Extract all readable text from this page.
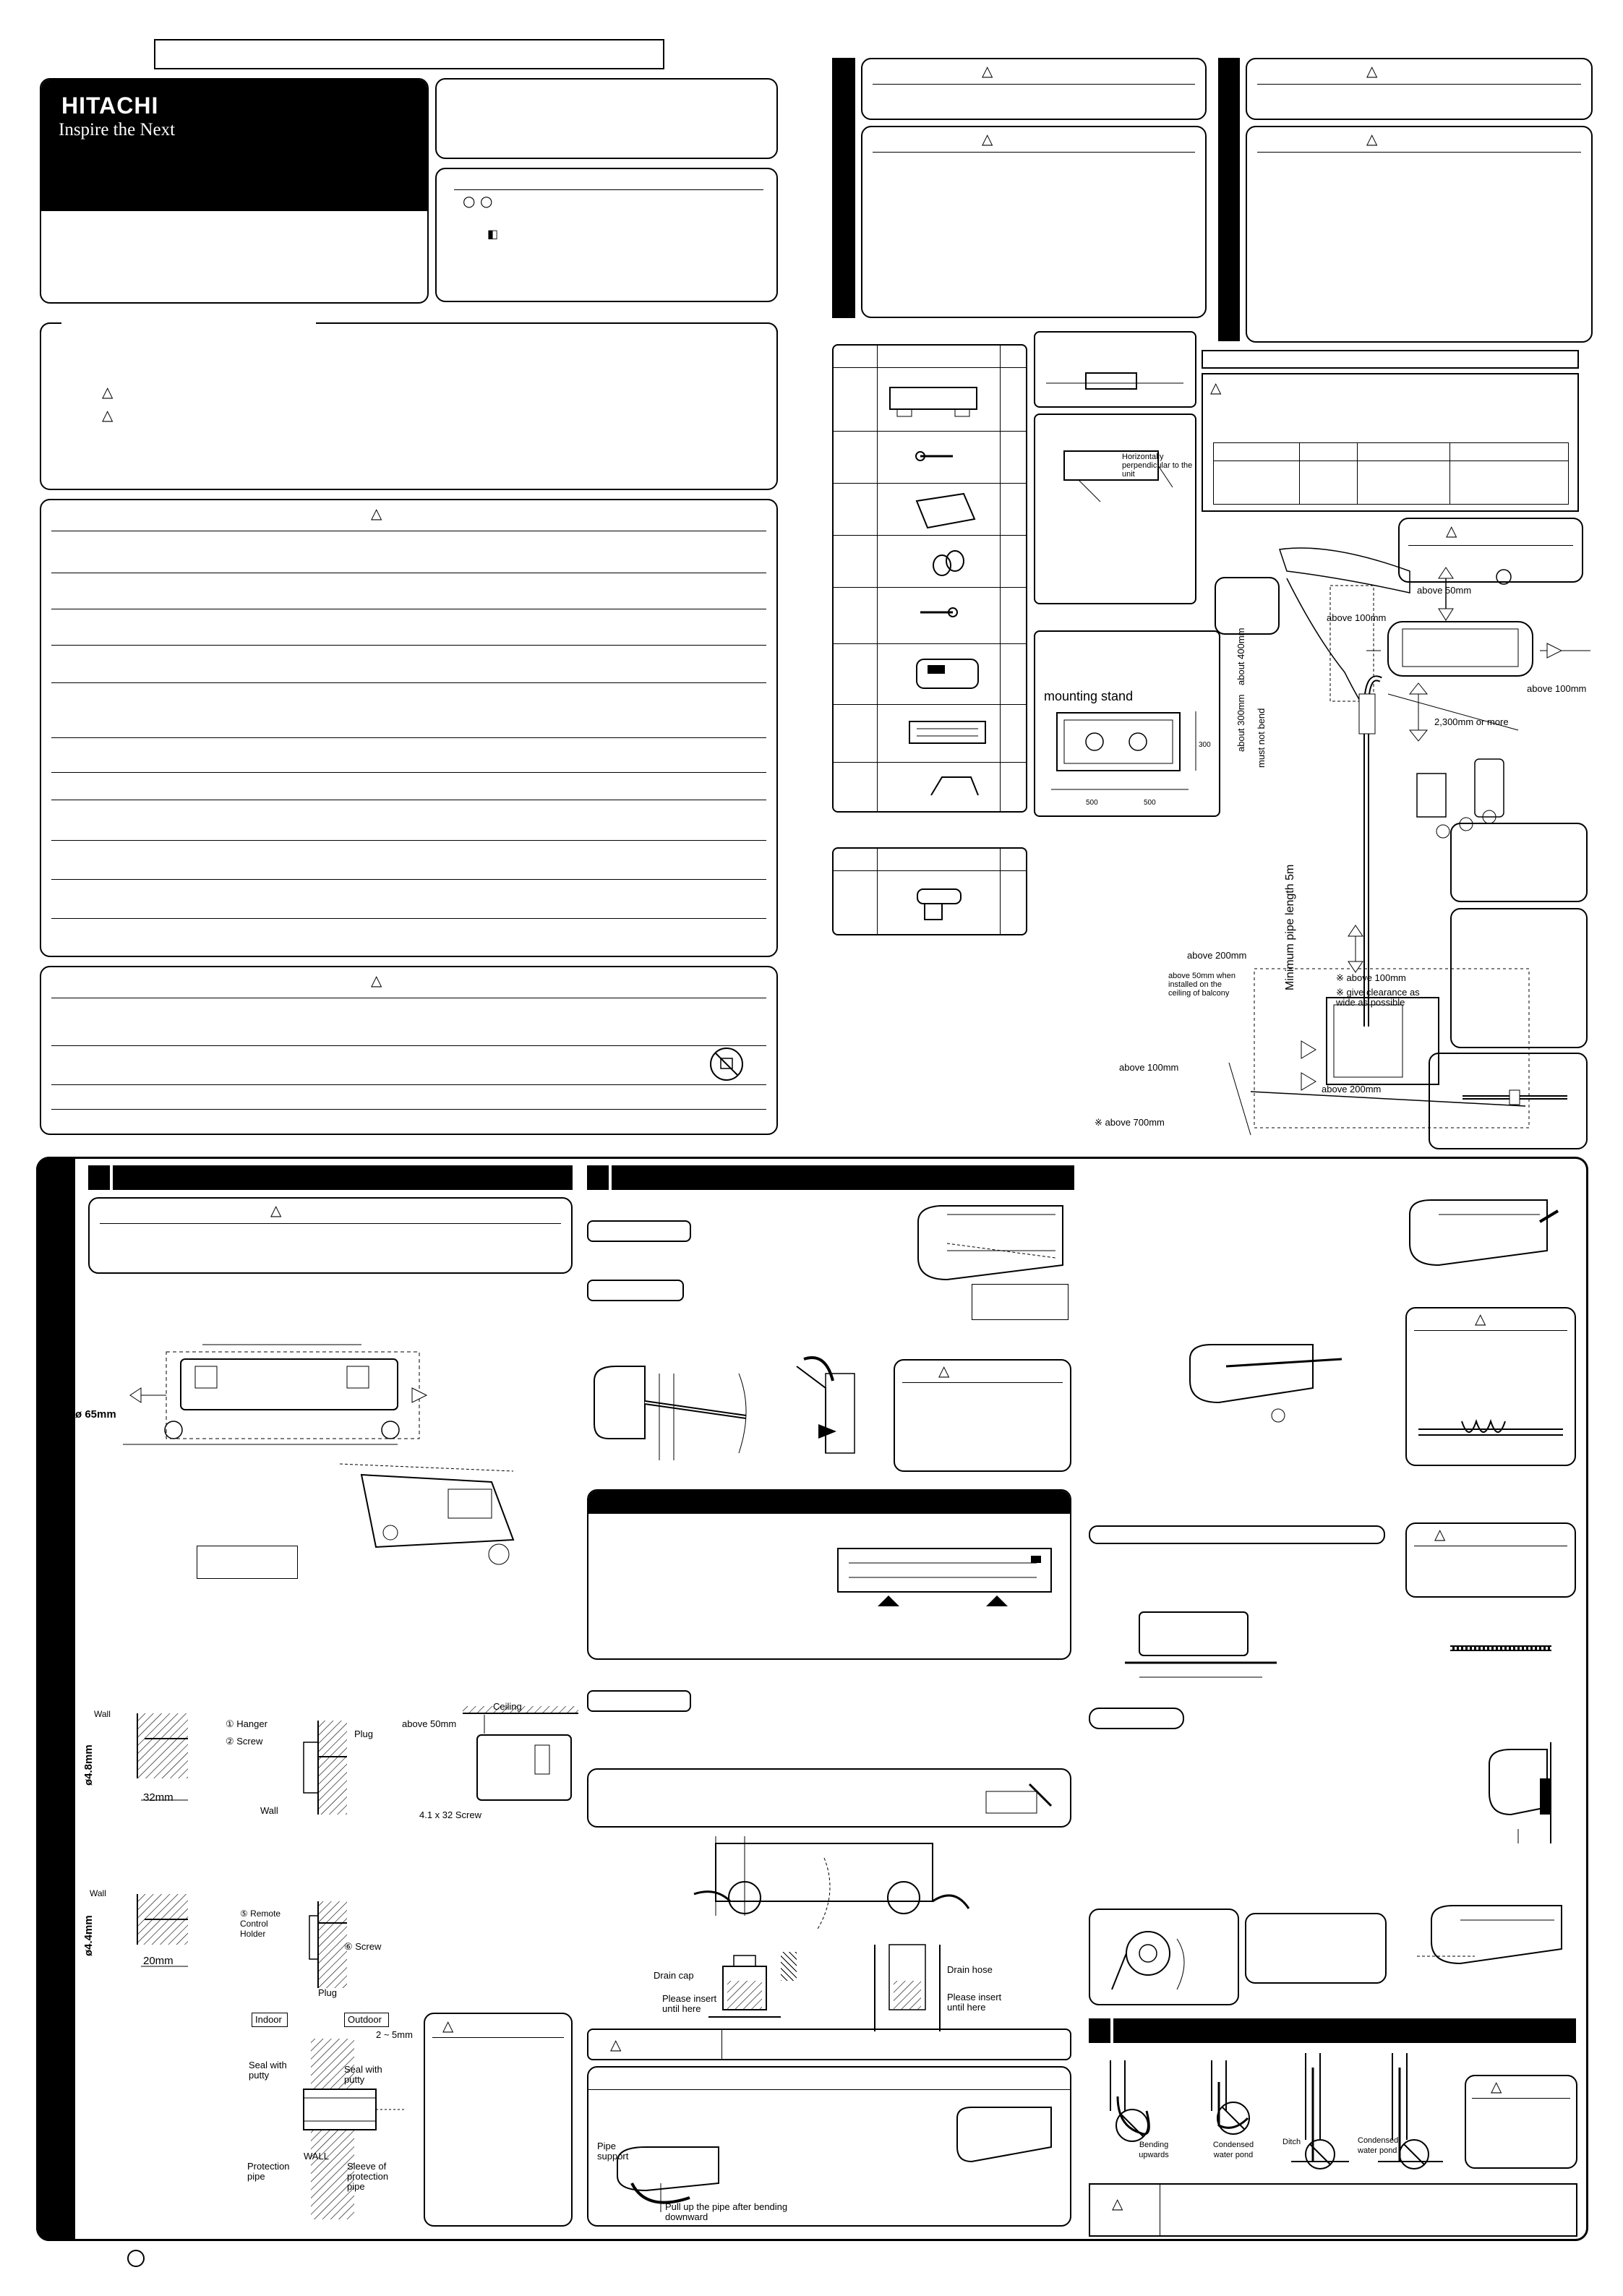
HITACHI
Inspire the Next
○ ○
◧
△
△
△
△
△
△
△
△
Horizontally perpendicular to the unit
mounting stand
500	500
300
△
△
above 50mm
above 100mm
above 100mm
2,300mm or more
about 400mm
about 300mm must not bend
Minimum pipe length 5m
above 200mm
above 50mm when installed on the ceiling of balcony
※ above 100mm
※ give clearance as wide as possible
above 100mm
above 200mm
※ above 700mm
△
ø 65mm
Wall
ø4.8mm
32mm
① Hanger
② Screw
Plug
Wall
Ceiling
above 50mm
4.1 x 32 Screw
Wall
ø4.4mm
20mm
⑤ Remote Control Holder
⑥ Screw
Plug
Indoor	Outdoor
2 ~ 5mm
Seal with putty
Seal with putty
Protection pipe
WALL
Sleeve of protection pipe
△
△
Drain cap
Please insert until here
Drain hose
Please insert until here
△
Pipe support
Pull up the pipe after bending downward
△
△
Bending upwards
Condensed water pond
Ditch	Condensed water pond
△
△
